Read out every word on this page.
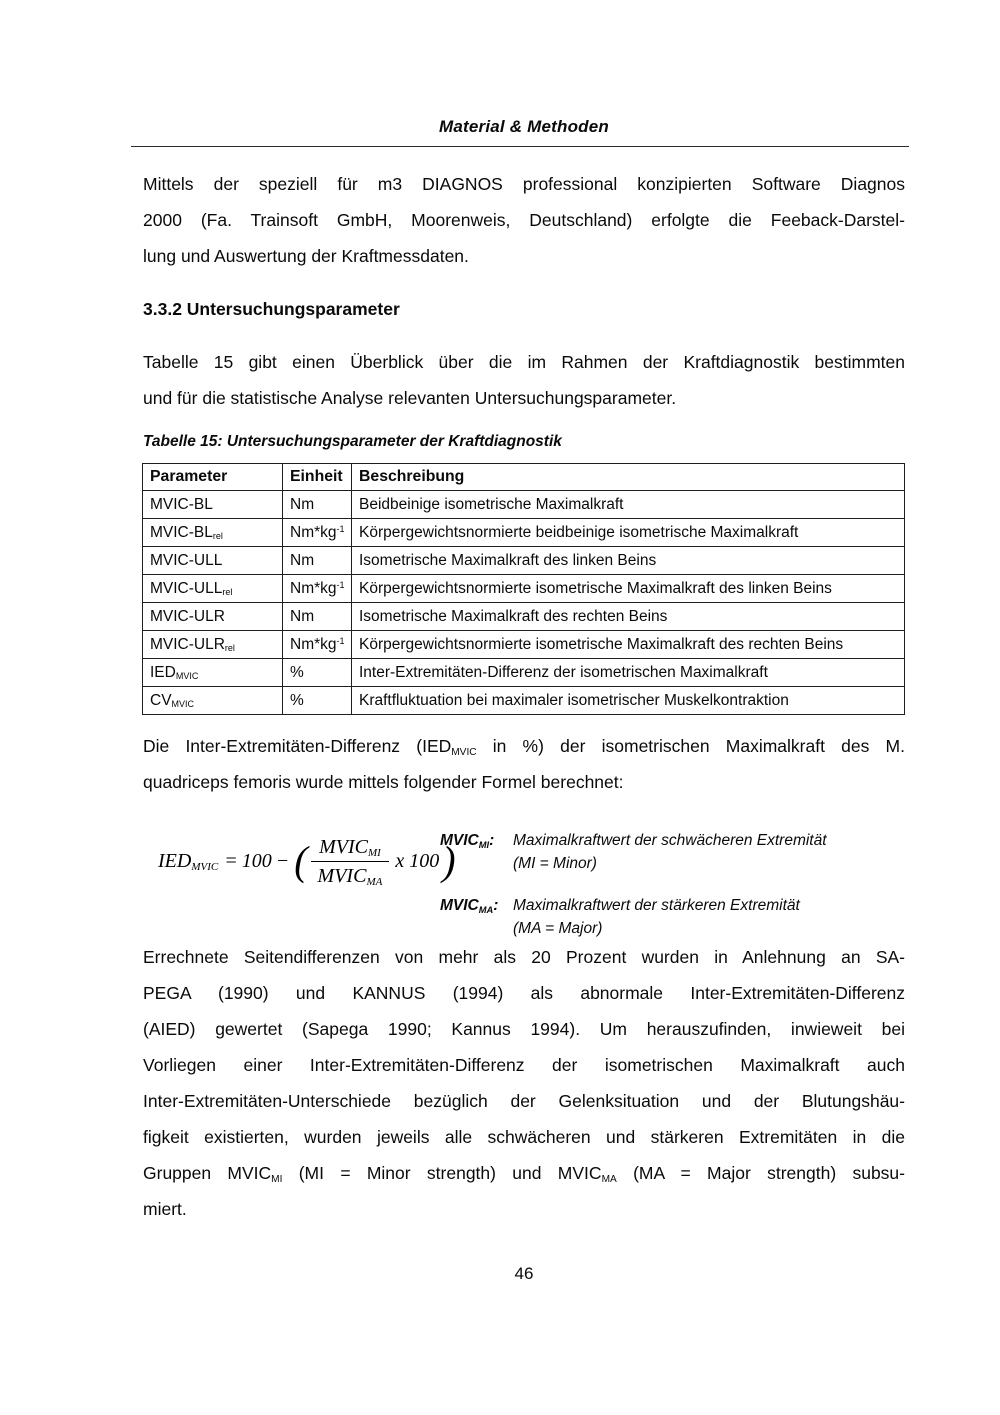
Material & Methoden
Mittels der speziell für m3 DIAGNOS professional konzipierten Software Diagnos
2000 (Fa. Trainsoft GmbH, Moorenweis, Deutschland) erfolgte die Feeback-Darstel-
lung und Auswertung der Kraftmessdaten.
3.3.2 Untersuchungsparameter
Tabelle 15 gibt einen Überblick über die im Rahmen der Kraftdiagnostik bestimmten
und für die statistische Analyse relevanten Untersuchungsparameter.
Tabelle 15: Untersuchungsparameter der Kraftdiagnostik
Parameter	Einheit	Beschreibung
MVIC-BL	Nm	Beidbeinige isometrische Maximalkraft
MVIC-$BL_{rel}$	$Nm*kg^{-1}$	Körpergewichtsnormierte beidbeinige isometrische Maximalkraft
MVIC-ULL	Nm	Isometrische Maximalkraft des linken Beins
MVIC-$ULL_{rel}$	$Nm*kg^{-1}$	Körpergewichtsnormierte isometrische Maximalkraft des linken Beins
MVIC-ULR	Nm	Isometrische Maximalkraft des rechten Beins
MVIC-$ULR_{rel}$	$Nm*kg^{-1}$	Körpergewichtsnormierte isometrische Maximalkraft des rechten Beins
$IED_{MVIC}$	%	Inter-Extremitäten-Differenz der isometrischen Maximalkraft
$CV_{MVIC}$	%	Kraftfluktuation bei maximaler isometrischer Muskelkontraktion
Die Inter-Extremitäten-Differenz ($IED_{MVIC}$ in %) der isometrischen Maximalkraft des M.
quadriceps femoris wurde mittels folgender Formel berechnet:
$IED_{MVIC} = 100$ − ( $\frac{MVIC_{MI}}{MVIC_{MA}}$ x 100 )
$MVIC_{MI}$:	Maximalkraftwert der schwächeren Extremität
(MI = Minor)
$MVIC_{MA}$: Maximalkraftwert der stärkeren Extremität
(MA = Major)
Errechnete Seitendifferenzen von mehr als 20 Prozent wurden in Anlehnung an SA-
PEGA (1990) und KANNUS (1994) als abnormale Inter-Extremitäten-Differenz
(AIED) gewertet (Sapega 1990; Kannus 1994). Um herauszufinden, inwieweit bei
Vorliegen einer Inter-Extremitäten-Differenz der isometrischen Maximalkraft auch
Inter-Extremitäten-Unterschiede bezüglich der Gelenksituation und der Blutungshäu-
figkeit existierten, wurden jeweils alle schwächeren und stärkeren Extremitäten in die
Gruppen $MVIC_{MI}$ (MI = Minor strength) und $MVIC_{MA}$ (MA = Major strength) subsu-
miert.
46
